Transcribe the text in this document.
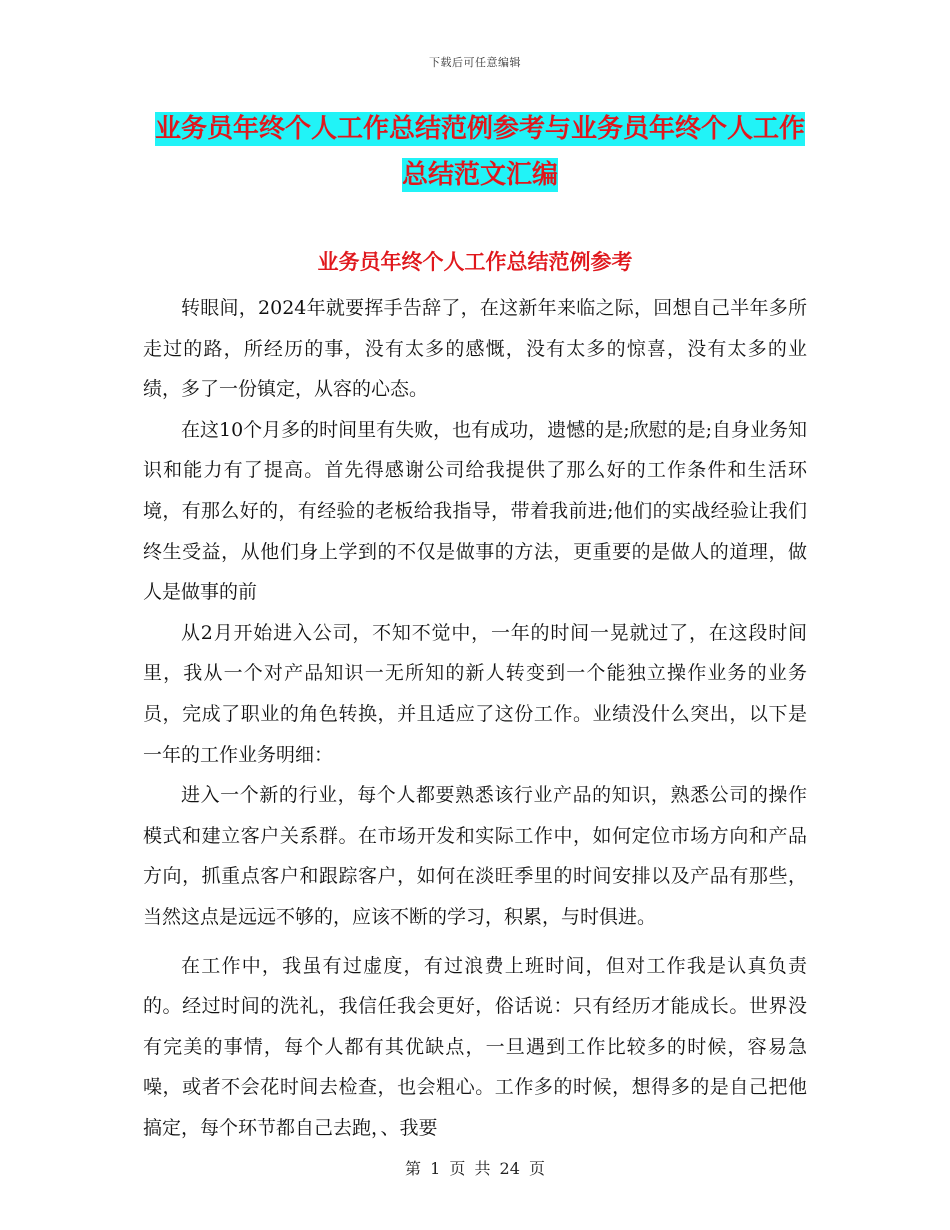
下载后可任意编辑
业务员年终个人工作总结范例参考与业务员年终个人工作总结范文汇编
业务员年终个人工作总结范例参考

转眼间，2024年就要挥手告辞了，在这新年来临之际，回想自己半年多所走过的路，所经历的事，没有太多的感慨，没有太多的惊喜，没有太多的业绩，多了一份镇定，从容的心态。

在这10个月多的时间里有失败，也有成功，遗憾的是;欣慰的是;自身业务知识和能力有了提高。首先得感谢公司给我提供了那么好的工作条件和生活环境，有那么好的，有经验的老板给我指导，带着我前进;他们的实战经验让我们终生受益，从他们身上学到的不仅是做事的方法，更重要的是做人的道理，做人是做事的前

从2月开始进入公司，不知不觉中，一年的时间一晃就过了，在这段时间里，我从一个对产品知识一无所知的新人转变到一个能独立操作业务的业务员，完成了职业的角色转换，并且适应了这份工作。业绩没什么突出，以下是一年的工作业务明细：

进入一个新的行业，每个人都要熟悉该行业产品的知识，熟悉公司的操作模式和建立客户关系群。在市场开发和实际工作中，如何定位市场方向和产品方向，抓重点客户和跟踪客户，如何在淡旺季里的时间安排以及产品有那些，当然这点是远远不够的，应该不断的学习，积累，与时俱进。

在工作中，我虽有过虚度，有过浪费上班时间，但对工作我是认真负责的。经过时间的洗礼，我信任我会更好，俗话说：只有经历才能成长。世界没有完美的事情，每个人都有其优缺点，一旦遇到工作比较多的时候，容易急噪，或者不会花时间去检查，也会粗心。工作多的时候，想得多的是自己把他搞定，每个环节都自己去跑，、我要

第 1 页 共 24 页
